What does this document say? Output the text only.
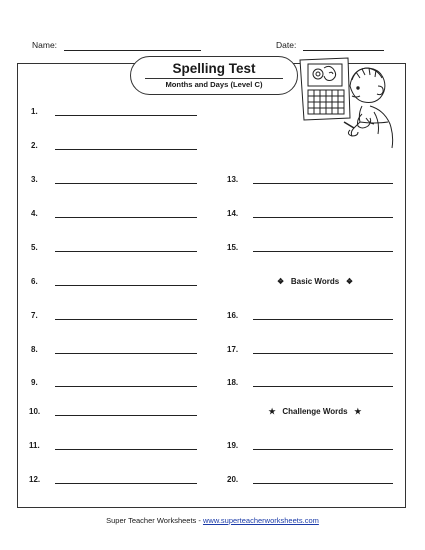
Name:	Date:
Spelling Test
Months and Days (Level C)
1.
2.
3.
4.
5.
6.
7.
8.
9.
10.
11.
12.
13.
14.
15.
❖ Basic Words ❖
16.
17.
18.
★ Challenge Words ★
19.
20.
Super Teacher Worksheets - www.superteacherworksheets.com
